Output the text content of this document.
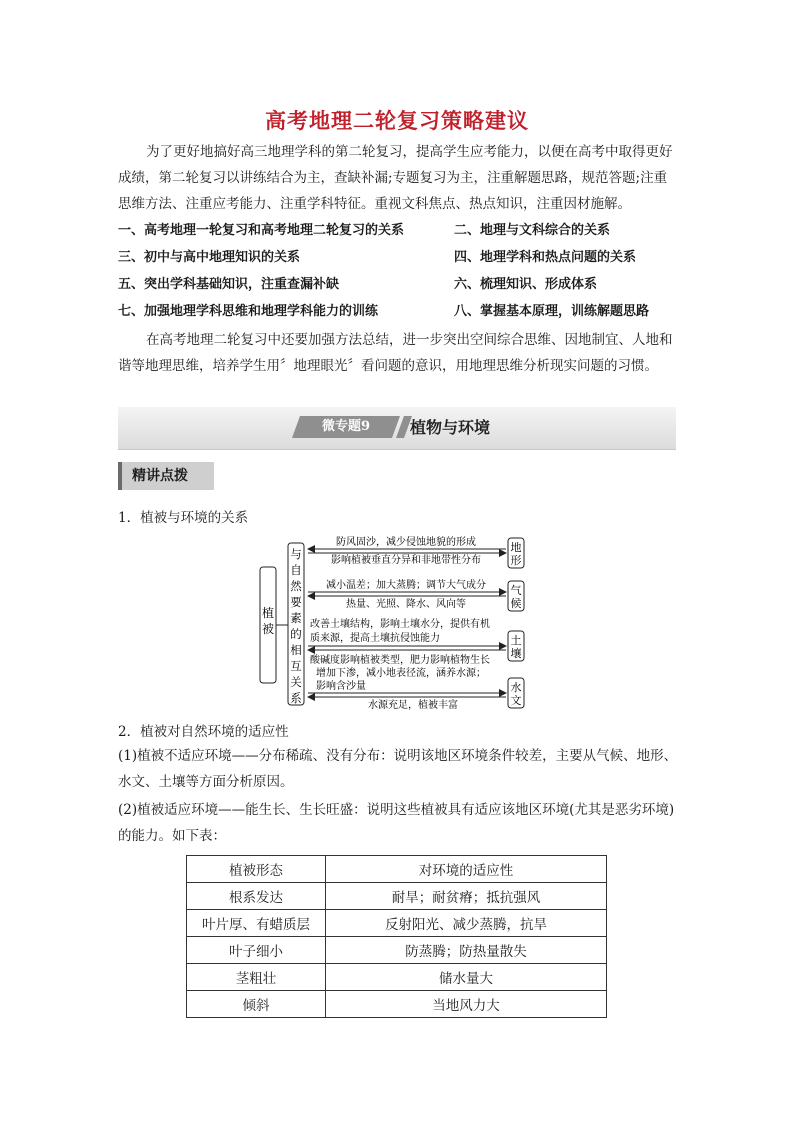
高考地理二轮复习策略建议
为了更好地搞好高三地理学科的第二轮复习，提高学生应考能力，以便在高考中取得更好成绩，第二轮复习以讲练结合为主，查缺补漏;专题复习为主，注重解题思路，规范答题;注重思维方法、注重应考能力、注重学科特征。重视文科焦点、热点知识，注重因材施解。
一、高考地理一轮复习和高考地理二轮复习的关系	二、地理与文科综合的关系
三、初中与高中地理知识的关系	四、地理学科和热点问题的关系
五、突出学科基础知识，注重查漏补缺	六、梳理知识、形成体系
七、加强地理学科思维和地理学科能力的训练	八、掌握基本原理，训练解题思路
在高考地理二轮复习中还要加强方法总结，进一步突出空间综合思维、因地制宜、人地和谐等地理思维，培养学生用〞地理眼光〞看问题的意识，用地理思维分析现实问题的习惯。
微专题9	植物与环境
精讲点拨
1．植被与环境的关系
植
被
与自然要素的相互关系
地形
防风固沙，减少侵蚀地貌的形成
影响植被垂直分异和非地带性分布
气候
减小温差；加大蒸腾；调节大气成分
热量、光照、降水、风向等
土壤
改善土壤结构，影响土壤水分，提供有机
质来源，提高土壤抗侵蚀能力
酸碱度影响植被类型，肥力影响植物生长
水文
增加下渗，减小地表径流，涵养水源；
影响含沙量
水源充足，植被丰富
2．植被对自然环境的适应性
(1)植被不适应环境——分布稀疏、没有分布：说明该地区环境条件较差，主要从气候、地形、水文、土壤等方面分析原因。
(2)植被适应环境——能生长、生长旺盛：说明这些植被具有适应该地区环境(尤其是恶劣环境)的能力。如下表：
植被形态	对环境的适应性
根系发达	耐旱；耐贫瘠；抵抗强风
叶片厚、有蜡质层	反射阳光、减少蒸腾，抗旱
叶子细小	防蒸腾；防热量散失
茎粗壮	储水量大
倾斜	当地风力大
